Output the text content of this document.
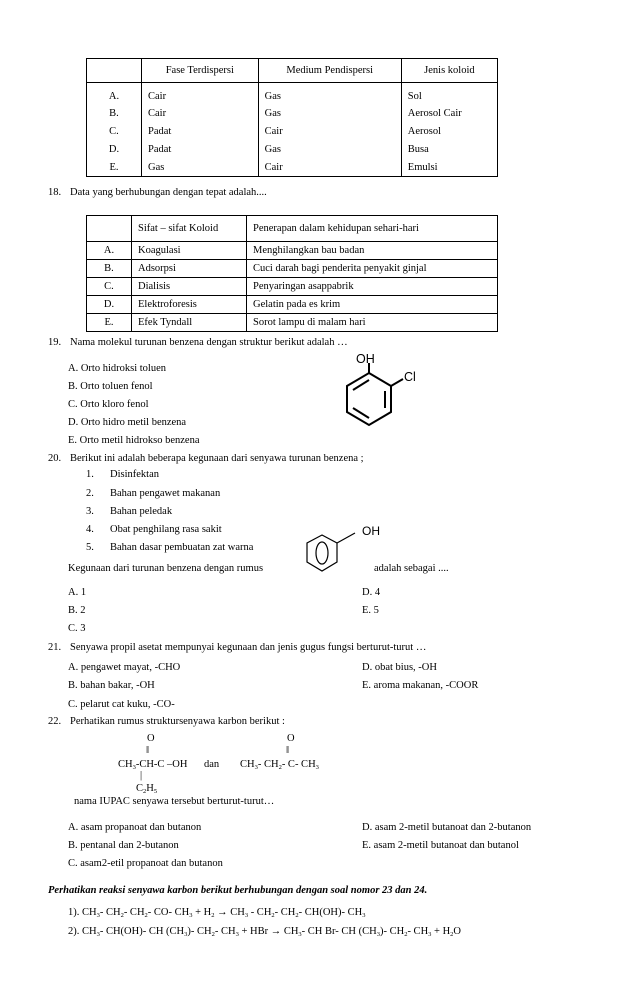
	Fase Terdispersi	Medium Pendispersi	Jenis koloid
A.	Cair	Gas	Sol
B.	Cair	Gas	Aerosol Cair
C.	Padat	Cair	Aerosol
D.	Padat	Gas	Busa
E.	Gas	Cair	Emulsi
18. Data yang berhubungan dengan tepat adalah....
	Sifat – sifat Koloid	Penerapan dalam kehidupan sehari-hari
A.	Koagulasi	Menghilangkan bau badan
B.	Adsorpsi	Cuci darah bagi penderita penyakit ginjal
C.	Dialisis	Penyaringan asappabrik
D.	Elektroforesis	Gelatin pada es krim
E.	Efek Tyndall	Sorot lampu di malam hari
19. Nama molekul turunan benzena dengan struktur berikut adalah …
A. Orto hidroksi toluen
B. Orto toluen fenol
C. Orto kloro fenol
D. Orto hidro metil benzena
E. Orto metil hidrokso benzena
OH
Cl
20. Berikut ini adalah beberapa kegunaan dari senyawa turunan benzena ;
1. Disinfektan
2. Bahan pengawet makanan
3. Bahan peledak
4. Obat penghilang rasa sakit
5. Bahan dasar pembuatan zat warna
OH
Kegunaan dari turunan benzena dengan rumus	adalah sebagai ....
A. 1
B. 2
C. 3
D. 4
E. 5
21. Senyawa propil asetat mempunyai kegunaan dan jenis gugus fungsi berturut-turut …
A. pengawet mayat, -CHO
B. bahan bakar, -OH
C. pelarut cat kuku, -CO-
D. obat bius, -OH
E. aroma makanan, -COOR
22. Perhatikan rumus struktursenyawa karbon berikut :
O
‖
O
‖
$CH_3-CH-C$ –OH dan $CH_3-$ $CH_2-$ C- $CH_3$
|
$C_2H_5$
nama IUPAC senyawa tersebut berturut-turut…
A. asam propanoat dan butanon
B. pentanal dan 2-butanon
C. asam2-etil propanoat dan butanon
D. asam 2-metil butanoat dan 2-butanon
E. asam 2-metil butanoat dan butanol
Perhatikan reaksi senyawa karbon berikut berhubungan dengan soal nomor 23 dan 24.
1). $CH_3-$ $CH_2-$ $CH_2-$ CO- $CH_3 + H_2 \to CH_3 - CH_2-$ $CH_2-$ CH(OH)- $CH_3$
2). $CH_3-$ CH(OH)- CH $(CH_3)-$ $CH_2-$ $CH_3$ + HBr → $CH_3-$ CH Br- CH $(CH_3)-$ $CH_2-$ $CH_3 + H_2O$
